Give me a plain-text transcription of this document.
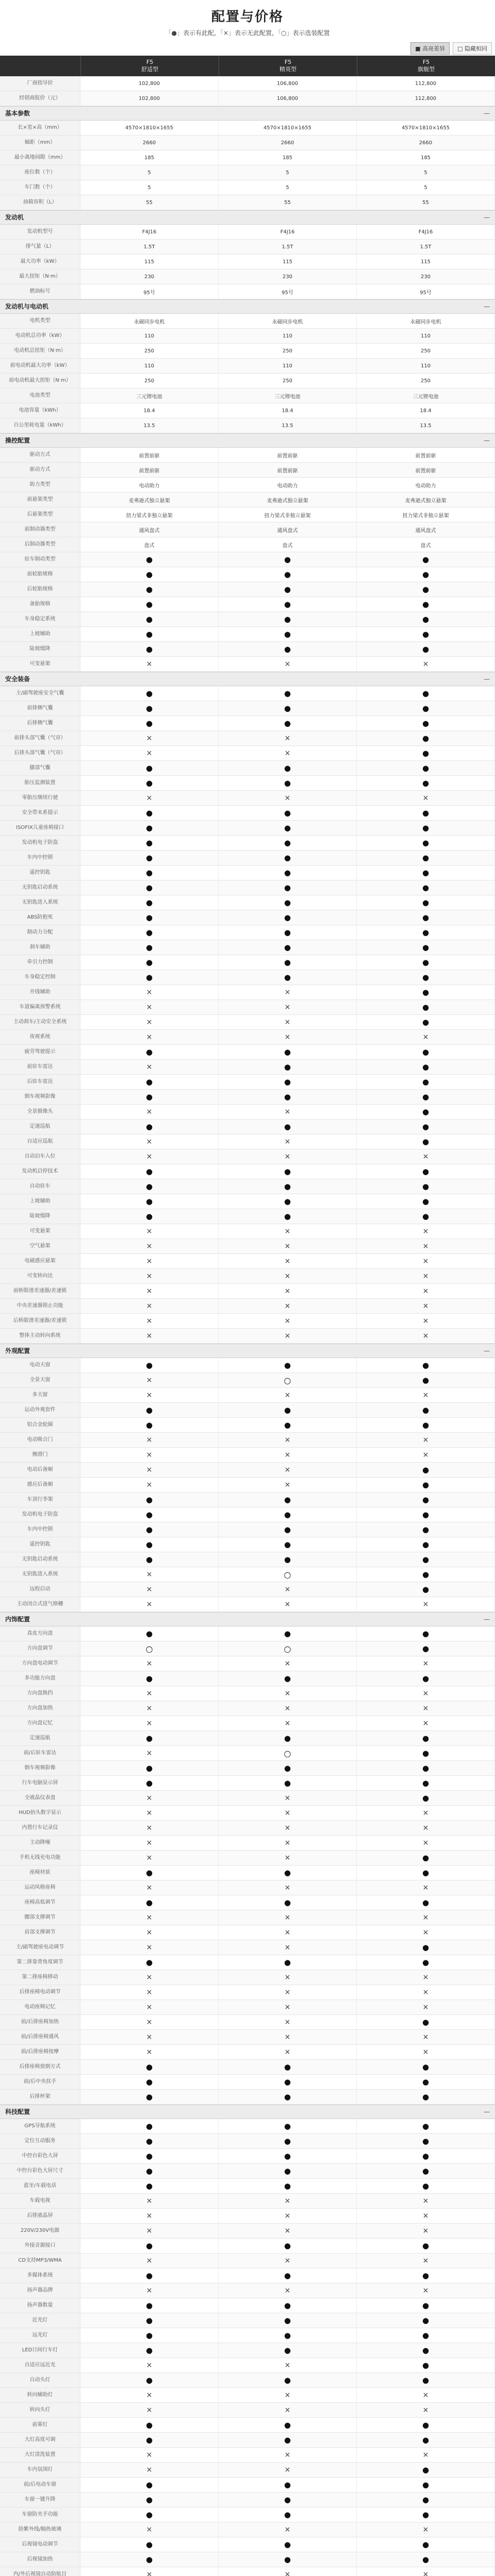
配置与价格
「●」表示有此配，「×」表示无此配置，「○」表示选装配置
■ 高亮差异	□ 隐藏相同
F5
舒适型
F5
精英型
F5
旗舰型
厂商指导价	102,800	106,800	112,800
经销商报价（元）	102,800	106,800	112,800
基本参数	—
长×宽×高（mm）	4570×1810×1655	4570×1810×1655	4570×1810×1655
轴距（mm）	2660	2660	2660
最小离地间隙（mm）	185	185	185
座位数（个）	5	5	5
车门数（个）	5	5	5
油箱容积（L）	55	55	55
发动机	—
发动机型号	F4J16	F4J16	F4J16
排气量（L）	1.5T	1.5T	1.5T
最大功率（kW）	115	115	115
最大扭矩（N·m）	230	230	230
燃油标号	95号	95号	95号
发动机与电动机	—
电机类型	永磁同步电机	永磁同步电机	永磁同步电机
电动机总功率（kW）	110	110	110
电动机总扭矩（N·m）	250	250	250
前电动机最大功率（kW）	110	110	110
前电动机最大扭矩（N·m）	250	250	250
电池类型	三元锂电池	三元锂电池	三元锂电池
电池容量（kWh）	18.4	18.4	18.4
百公里耗电量（kWh）	13.5	13.5	13.5
操控配置	—
驱动方式	前置前驱	前置前驱	前置前驱
驱动方式	前置前驱	前置前驱	前置前驱
助力类型	电动助力	电动助力	电动助力
前悬架类型	麦弗逊式独立悬架	麦弗逊式独立悬架	麦弗逊式独立悬架
后悬架类型	扭力梁式非独立悬架	扭力梁式非独立悬架	扭力梁式非独立悬架
前制动器类型	通风盘式	通风盘式	通风盘式
后制动器类型	盘式	盘式	盘式
驻车制动类型	●	●	●
前轮胎规格	●	●	●
后轮胎规格	●	●	●
备胎规格	●	●	●
车身稳定系统	●	●	●
上坡辅助	●	●	●
陡坡缓降	●	●	●
可变悬架	×	×	×
安全装备	—
主/副驾驶座安全气囊	●	●	●
前排侧气囊	●	●	●
后排侧气囊	●	●	●
前排头部气囊（气帘）	×	×	●
后排头部气囊（气帘）	×	×	●
膝部气囊	●	●	●
胎压监测装置	●	●	●
零胎压继续行驶	×	×	×
安全带未系提示	●	●	●
ISOFIX儿童座椅接口	●	●	●
发动机电子防盗	●	●	●
车内中控锁	●	●	●
遥控钥匙	●	●	●
无钥匙启动系统	●	●	●
无钥匙进入系统	●	●	●
ABS防抱死	●	●	●
制动力分配	●	●	●
刹车辅助	●	●	●
牵引力控制	●	●	●
车身稳定控制	●	●	●
并线辅助	×	×	●
车道偏离预警系统	×	×	●
主动刹车/主动安全系统	×	×	●
夜视系统	×	×	×
疲劳驾驶提示	●	●	●
前驻车雷达	×	●	●
后驻车雷达	●	●	●
倒车视频影像	●	●	●
全景摄像头	×	×	●
定速巡航	●	●	●
自适应巡航	×	×	●
自动泊车入位	×	×	×
发动机启停技术	●	●	●
自动驻车	●	●	●
上坡辅助	●	●	●
陡坡缓降	●	●	●
可变悬架	×	×	×
空气悬架	×	×	×
电磁感应悬架	×	×	×
可变转向比	×	×	×
前桥限滑差速器/差速锁	×	×	×
中央差速器锁止功能	×	×	×
后桥限滑差速器/差速锁	×	×	×
整体主动转向系统	×	×	×
外观配置	—
电动天窗	●	●	●
全景天窗	×	○	●
多天窗	×	×	×
运动外观套件	●	●	●
铝合金轮圈	●	●	●
电动吸合门	×	×	×
侧滑门	×	×	×
电动后备厢	×	×	●
感应后备厢	×	×	●
车顶行李架	●	●	●
发动机电子防盗	●	●	●
车内中控锁	●	●	●
遥控钥匙	●	●	●
无钥匙启动系统	●	●	●
无钥匙进入系统	×	○	●
远程启动	×	×	●
主动闭合式进气格栅	×	×	×
内饰配置	—
真皮方向盘	●	●	●
方向盘调节	○	○	●
方向盘电动调节	×	×	×
多功能方向盘	●	●	●
方向盘换挡	×	×	×
方向盘加热	×	×	×
方向盘记忆	×	×	×
定速巡航	●	●	●
前/后驻车雷达	×	○	●
倒车视频影像	●	●	●
行车电脑显示屏	●	●	●
全液晶仪表盘	×	×	●
HUD抬头数字显示	×	×	×
内置行车记录仪	×	×	×
主动降噪	×	×	×
手机无线充电功能	×	×	●
座椅材质	●	●	●
运动风格座椅	×	×	×
座椅高低调节	●	●	●
腰部支撑调节	×	×	×
肩部支撑调节	×	×	×
主/副驾驶座电动调节	×	×	●
第二排靠背角度调节	●	●	●
第二排座椅移动	×	×	×
后排座椅电动调节	×	×	×
电动座椅记忆	×	×	×
前/后排座椅加热	×	×	●
前/后排座椅通风	×	×	×
前/后排座椅按摩	×	×	×
后排座椅放倒方式	●	●	●
前/后中央扶手	●	●	●
后排杯架	●	●	●
科技配置	—
GPS导航系统	●	●	●
定位互动服务	●	●	●
中控台彩色大屏	●	●	●
中控台彩色大屏尺寸	●	●	●
蓝牙/车载电话	●	●	●
车载电视	×	×	×
后排液晶屏	×	×	×
220V/230V电源	×	×	×
外接音源接口	●	●	●
CD支持MP3/WMA	×	×	×
多媒体系统	●	●	●
扬声器品牌	×	×	×
扬声器数量	●	●	●
近光灯	●	●	●
远光灯	●	●	●
LED日间行车灯	●	●	●
自适应远近光	×	×	●
自动头灯	●	●	●
转向辅助灯	×	×	×
转向头灯	×	×	×
前雾灯	●	●	●
大灯高度可调	●	●	●
大灯清洗装置	×	×	×
车内氛围灯	×	×	●
前/后电动车窗	●	●	●
车窗一键升降	●	●	●
车窗防夹手功能	●	●	●
防紫外线/隔热玻璃	×	×	×
后视镜电动调节	●	●	●
后视镜加热	●	●	●
内/外后视镜自动防眩目	×	×	×
